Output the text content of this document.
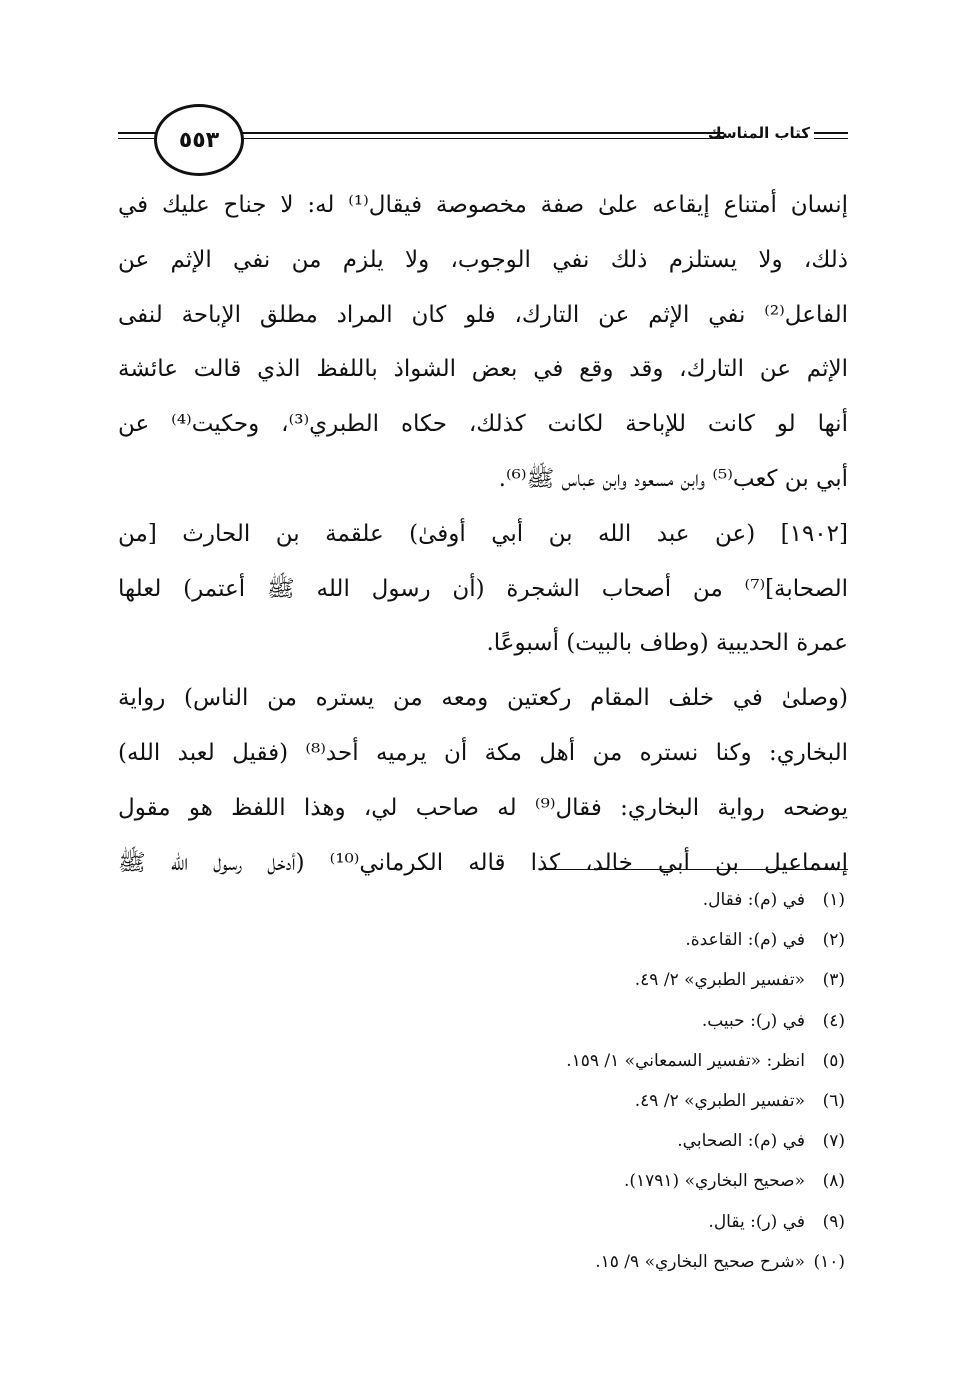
كتاب المناسك
٥٥٣
إنسان أمتناع إيقاعه علىٰ صفة مخصوصة فيقال⁽¹⁾ له: لا جناح عليك في
ذلك، ولا يستلزم ذلك نفي الوجوب، ولا يلزم من نفي الإثم عن
الفاعل⁽²⁾ نفي الإثم عن التارك، فلو كان المراد مطلق الإباحة لنفى
الإثم عن التارك، وقد وقع في بعض الشواذ باللفظ الذي قالت عائشة
أنها لو كانت للإباحة لكانت كذلك، حكاه الطبري⁽³⁾، وحكيت⁽⁴⁾ عن
أبي بن كعب⁽⁵⁾ وابن مسعود وابن عباس ﷺ⁽⁶⁾.
[١٩٠٢] (عن عبد الله بن أبي أوفىٰ) علقمة بن الحارث [من
الصحابة]⁽⁷⁾ من أصحاب الشجرة (أن رسول الله ﷺ أعتمر) لعلها
عمرة الحديبية (وطاف بالبيت) أسبوعًا.
(وصلىٰ في خلف المقام ركعتين ومعه من يستره من الناس) رواية
البخاري: وكنا نستره من أهل مكة أن يرميه أحد⁽⁸⁾ (فقيل لعبد الله)
يوضحه رواية البخاري: فقال⁽⁹⁾ له صاحب لي، وهذا اللفظ هو مقول
إسماعيل بن أبي خالد، كذا قاله الكرماني⁽¹⁰⁾ (أدخل رسول الله ﷺ
(١)في (م): فقال.
(٢)في (م): القاعدة.
(٣)«تفسير الطبري» ٢/ ٤٩.
(٤)في (ر): حبيب.
(٥)انظر: «تفسير السمعاني» ١/ ١٥٩.
(٦)«تفسير الطبري» ٢/ ٤٩.
(٧)في (م): الصحابي.
(٨)«صحيح البخاري» (١٧٩١).
(٩)في (ر): يقال.
(١٠)«شرح صحيح البخاري» ٩/ ١٥.
